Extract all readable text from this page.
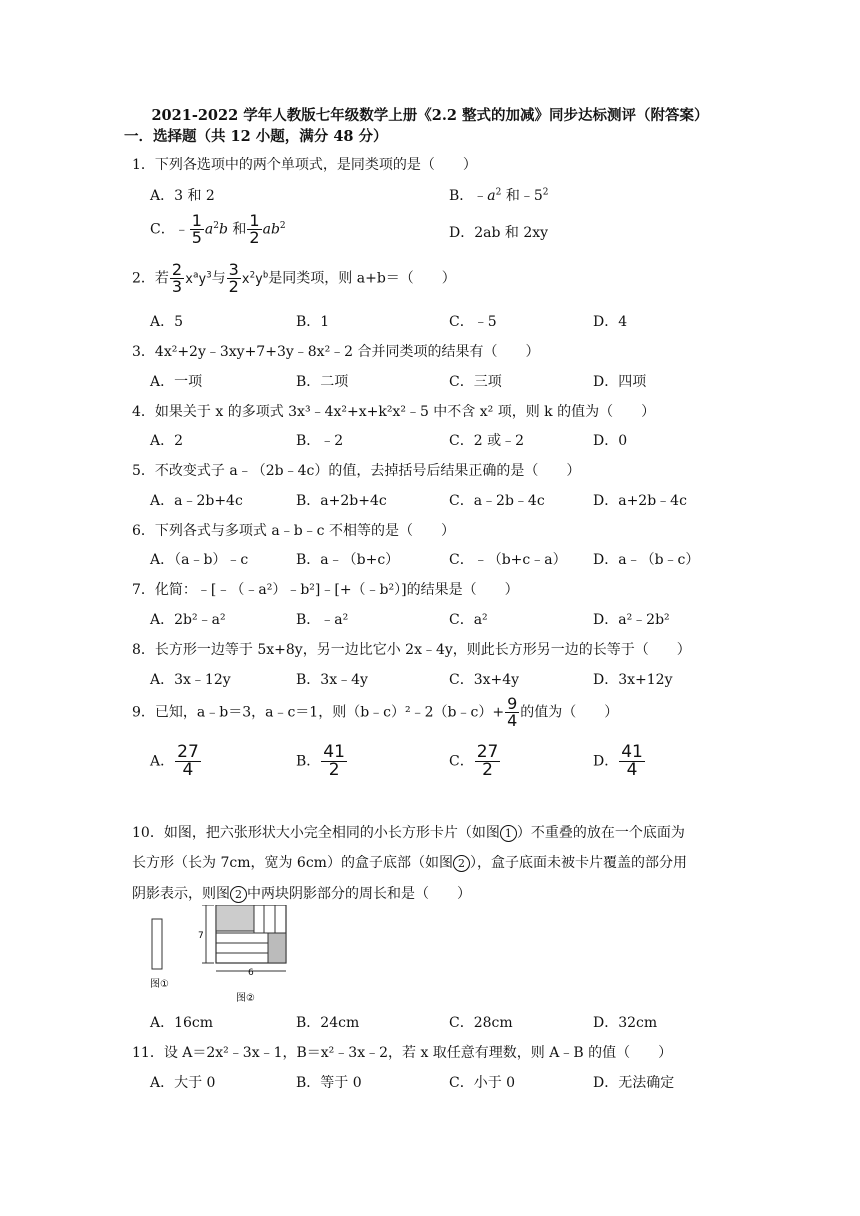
2021-2022 学年人教版七年级数学上册《2.2 整式的加减》同步达标测评（附答案）
一．选择题（共 12 小题，满分 48 分）
1．下列各选项中的两个单项式，是同类项的是（　　）
A．3 和 2	B．$﹣a^2$ 和$﹣5^2$
C．﹣ $\frac{1}{5} a^2b$ 和 $\frac{1}{2} ab^2$	D．2ab 和 2xy
2．若 $\frac{2}{3} x^ay^3$与 $\frac{3}{2} x^2y^b$是同类项，则 a+b＝（　　）
A．5	B．1	C．﹣5	D．4
3．4x²+2y﹣3xy+7+3y﹣8x²﹣2 合并同类项的结果有（　　）
A．一项	B．二项	C．三项	D．四项
4．如果关于 x 的多项式 3x³﹣4x²+x+k²x²﹣5 中不含 x² 项，则 k 的值为（　　）
A．2	B．﹣2	C．2 或﹣2	D．0
5．不改变式子 a﹣（2b﹣4c）的值，去掉括号后结果正确的是（　　）
A．a﹣2b+4c	B．a+2b+4c	C．a﹣2b﹣4c	D．a+2b﹣4c
6．下列各式与多项式 a﹣b﹣c 不相等的是（　　）
A．（a﹣b）﹣c	B．a﹣（b+c）	C．﹣（b+c﹣a） D．a﹣（b﹣c）
7．化简：﹣[﹣（﹣a²）﹣b²]﹣[+（﹣b²）]的结果是（　　）
A．2b²﹣a²	B．﹣a²	C．a²	D．a²﹣2b²
8．长方形一边等于 5x+8y，另一边比它小 2x﹣4y，则此长方形另一边的长等于（　　）
A．3x﹣12y	B．3x﹣4y	C．3x+4y	D．3x+12y
9．已知，a﹣b＝3，a﹣c＝1，则（b﹣c）²﹣2（b﹣c）+ $\frac{9}{4}$ 的值为（　　）
A． $\frac{27}{4}$	B． $\frac{41}{2}$	C． $\frac{27}{2}$	D． $\frac{41}{4}$
10．如图，把六张形状大小完全相同的小长方形卡片（如图 1 ）不重叠的放在一个底面为
长方形（长为 7cm，宽为 6cm）的盒子底部（如图 2 ），盒子底面未被卡片覆盖的部分用
阴影表示，则图 2 中两块阴影部分的周长和是（　　）
7
6
图①
图②
A．16cm	B．24cm	C．28cm	D．32cm
11．设 A＝2x²﹣3x﹣1，B＝x²﹣3x﹣2，若 x 取任意有理数，则 A﹣B 的值（　　）
A．大于 0	B．等于 0	C．小于 0	D．无法确定
